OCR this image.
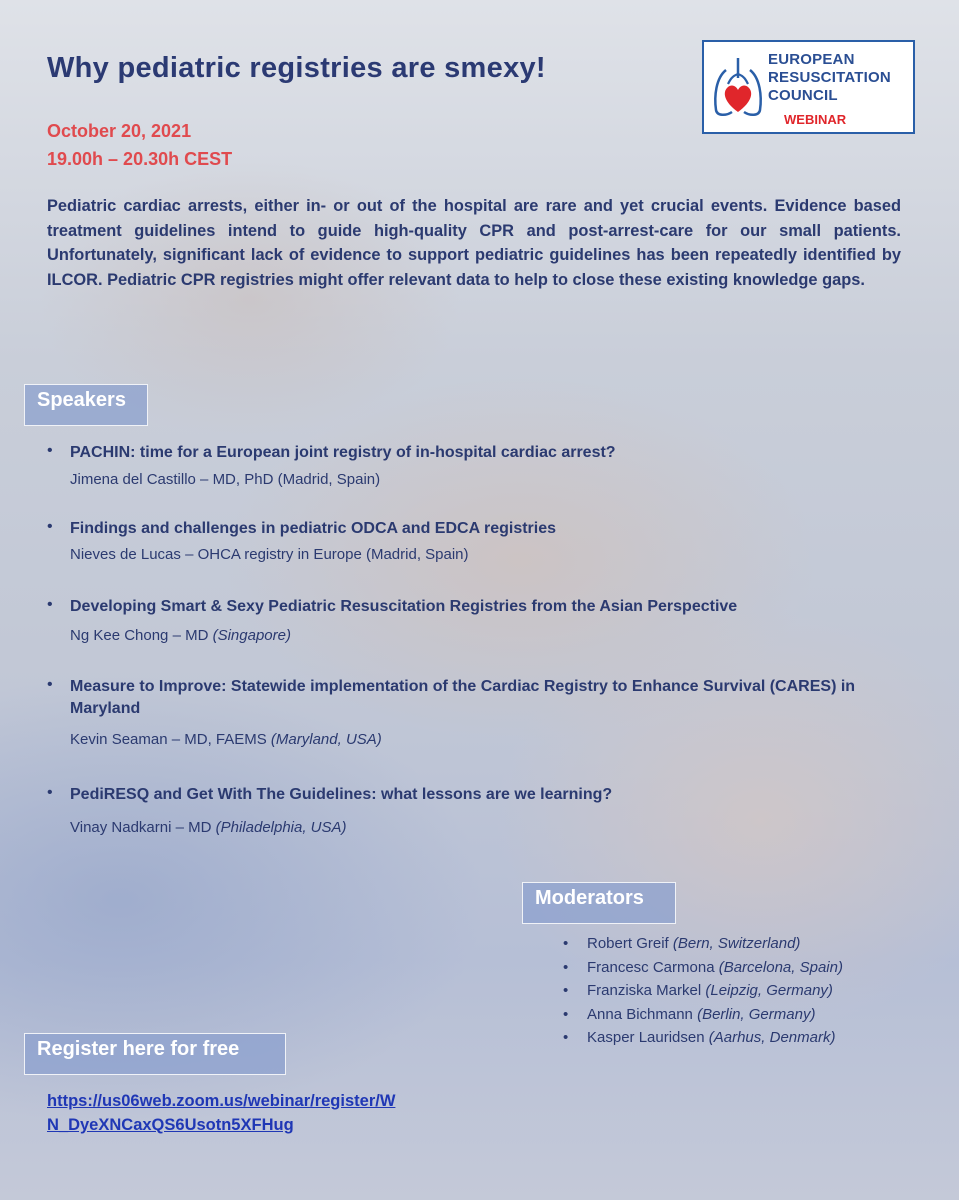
Why pediatric registries are smexy!
October 20, 2021
19.00h – 20.30h CEST
EUROPEAN
RESUSCITATION
COUNCIL
WEBINAR
Pediatric cardiac arrests, either in- or out of the hospital are rare and yet crucial events. Evidence based treatment guidelines intend to guide high-quality CPR and post-arrest-care for our small patients. Unfortunately, significant lack of evidence to support pediatric guidelines has been repeatedly identified by ILCOR. Pediatric CPR registries might offer relevant data to help to close these existing knowledge gaps.
Speakers
• PACHIN: time for a European joint registry of in-hospital cardiac arrest?
Jimena del Castillo – MD, PhD (Madrid, Spain)
• Findings and challenges in pediatric ODCA and EDCA registries
Nieves de Lucas – OHCA registry in Europe (Madrid, Spain)
• Developing Smart & Sexy Pediatric Resuscitation Registries from the Asian Perspective
Ng Kee Chong – MD (Singapore)
• Measure to Improve: Statewide implementation of the Cardiac Registry to Enhance Survival (CARES) in Maryland
Kevin Seaman – MD, FAEMS (Maryland, USA)
• PediRESQ and Get With The Guidelines: what lessons are we learning?
Vinay Nadkarni – MD (Philadelphia, USA)
Moderators
• Robert Greif (Bern, Switzerland)
• Francesc Carmona (Barcelona, Spain)
• Franziska Markel (Leipzig, Germany)
• Anna Bichmann (Berlin, Germany)
• Kasper Lauridsen (Aarhus, Denmark)
Register here for free
https://us06web.zoom.us/webinar/register/WN_DyeXNCaxQS6Usotn5XFHug
